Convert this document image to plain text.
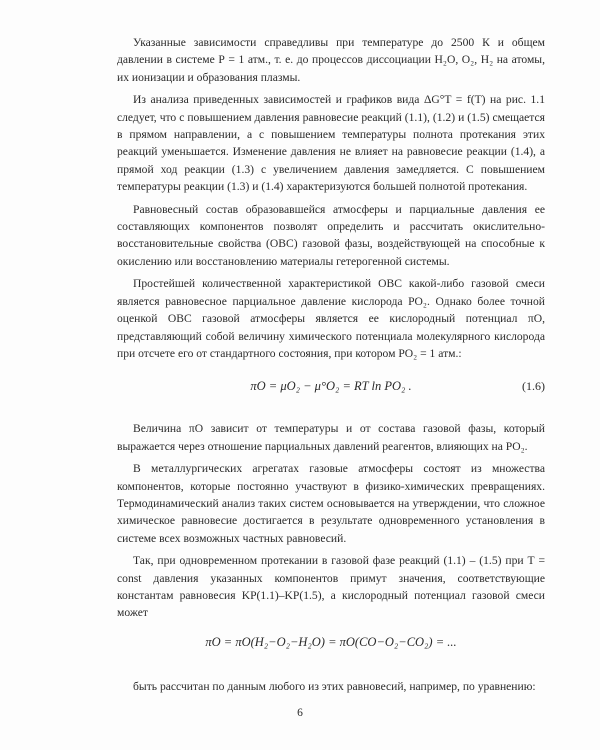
Указанные зависимости справедливы при температуре до 2500 К и общем давлении в системе Р = 1 атм., т. е. до процессов диссоциации Н₂О, О₂, Н₂ на атомы, их ионизации и образования плазмы.

Из анализа приведенных зависимостей и графиков вида ΔG°T = f(Т) на рис. 1.1 следует, что с повышением давления равновесие реакций (1.1), (1.2) и (1.5) смещается в прямом направлении, а с повышением температуры полнота протекания этих реакций уменьшается. Изменение давления не влияет на равновесие реакции (1.4), а прямой ход реакции (1.3) с увеличением давления замедляется. С повышением температуры реакции (1.3) и (1.4) характеризуются большей полнотой протекания.

Равновесный состав образовавшейся атмосферы и парциальные давления ее составляющих компонентов позволят определить и рассчитать окислительно-восстановительные свойства (ОВС) газовой фазы, воздействующей на способные к окислению или восстановлению материалы гетерогенной системы.

Простейшей количественной характеристикой ОВС какой-либо газовой смеси является равновесное парциальное давление кислорода PO₂. Однако более точной оценкой ОВС газовой атмосферы является ее кислородный потенциал πO, представляющий собой величину химического потенциала молекулярного кислорода при отсчете его от стандартного состояния, при котором PO₂ = 1 атм.:

πO = μO₂ − μ°O₂ = RT ln PO₂ .	(1.6)

Величина πO зависит от температуры и от состава газовой фазы, который выражается через отношение парциальных давлений реагентов, влияющих на PO₂.

В металлургических агрегатах газовые атмосферы состоят из множества компонентов, которые постоянно участвуют в физико-химических превращениях. Термодинамический анализ таких систем основывается на утверждении, что сложное химическое равновесие достигается в результате одновременного установления в системе всех возможных частных равновесий.

Так, при одновременном протекании в газовой фазе реакций (1.1) – (1.5) при Т = const давления указанных компонентов примут значения, соответствующие константам равновесия KP(1.1)–KP(1.5), а кислородный потенциал газовой смеси может

πO = πO(H₂−O₂−H₂O) = πO(CO−O₂−CO₂) = ...

быть рассчитан по данным любого из этих равновесий, например, по уравнению:

6
